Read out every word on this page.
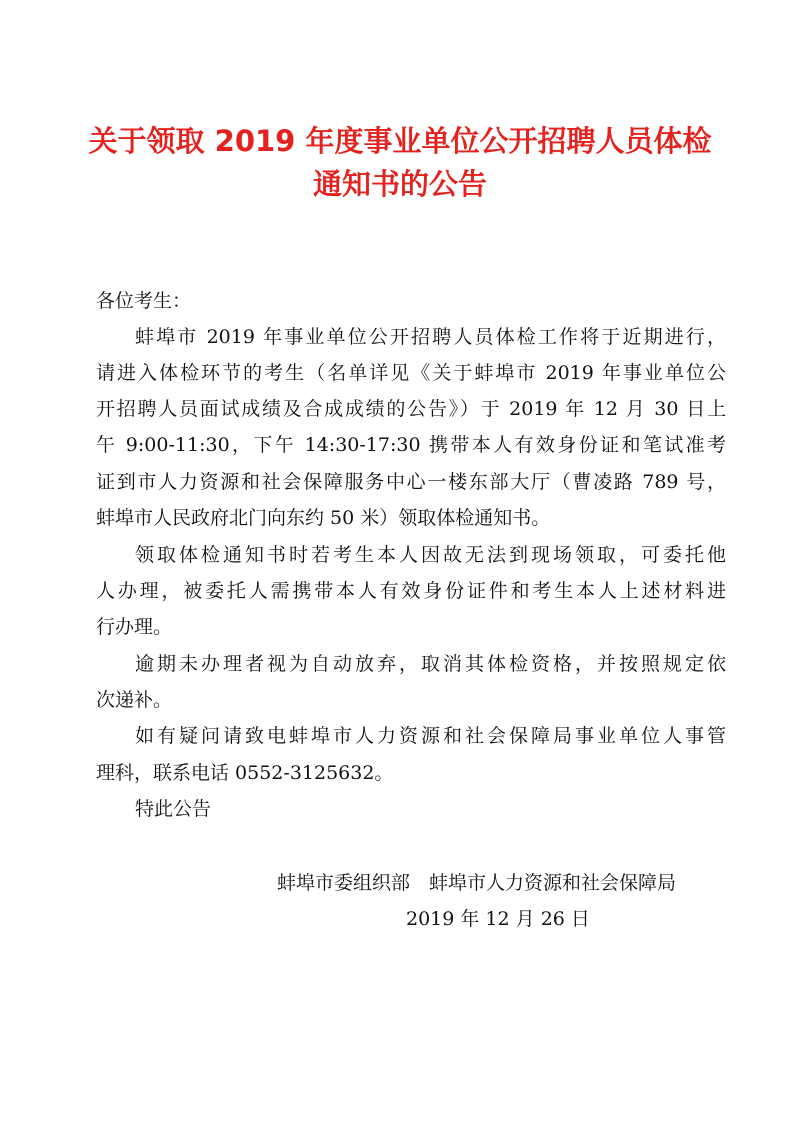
关于领取 2019 年度事业单位公开招聘人员体检
通知书的公告

各位考生：

蚌埠市 2019 年事业单位公开招聘人员体检工作将于近期进行，

请进入体检环节的考生（名单详见《关于蚌埠市 2019 年事业单位公

开招聘人员面试成绩及合成成绩的公告》）于 2019 年 12 月 30 日上

午 9:00-11:30，下午 14:30-17:30 携带本人有效身份证和笔试准考

证到市人力资源和社会保障服务中心一楼东部大厅（曹凌路 789 号，

蚌埠市人民政府北门向东约 50 米）领取体检通知书。

领取体检通知书时若考生本人因故无法到现场领取，可委托他

人办理，被委托人需携带本人有效身份证件和考生本人上述材料进

行办理。

逾期未办理者视为自动放弃，取消其体检资格，并按照规定依

次递补。

如有疑问请致电蚌埠市人力资源和社会保障局事业单位人事管

理科，联系电话 0552-3125632。

特此公告

蚌埠市委组织部　蚌埠市人力资源和社会保障局

2019 年 12 月 26 日
